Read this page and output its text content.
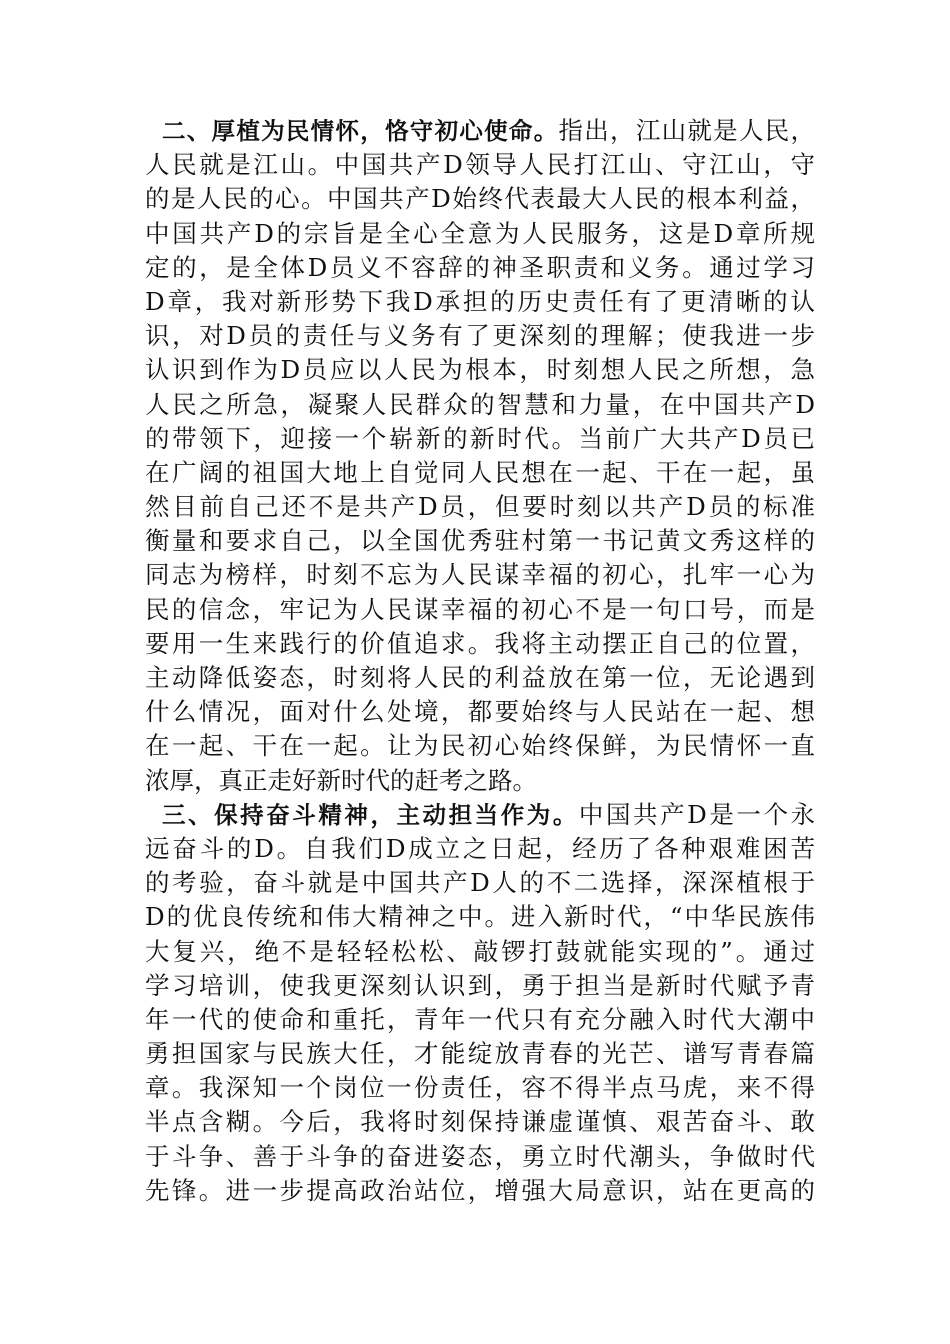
二、厚植为民情怀，恪守初心使命。指出，江山就是人民，
人民就是江山。中国共产D领导人民打江山、守江山，守
的是人民的心。中国共产D始终代表最大人民的根本利益，
中国共产D的宗旨是全心全意为人民服务，这是D章所规
定的，是全体D员义不容辞的神圣职责和义务。通过学习
D章，我对新形势下我D承担的历史责任有了更清晰的认
识，对D员的责任与义务有了更深刻的理解；使我进一步
认识到作为D员应以人民为根本，时刻想人民之所想，急
人民之所急，凝聚人民群众的智慧和力量，在中国共产D
的带领下，迎接一个崭新的新时代。当前广大共产D员已
在广阔的祖国大地上自觉同人民想在一起、干在一起，虽
然目前自己还不是共产D员，但要时刻以共产D员的标准
衡量和要求自己，以全国优秀驻村第一书记黄文秀这样的
同志为榜样，时刻不忘为人民谋幸福的初心，扎牢一心为
民的信念，牢记为人民谋幸福的初心不是一句口号，而是
要用一生来践行的价值追求。我将主动摆正自己的位置，
主动降低姿态，时刻将人民的利益放在第一位，无论遇到
什么情况，面对什么处境，都要始终与人民站在一起、想
在一起、干在一起。让为民初心始终保鲜，为民情怀一直
浓厚，真正走好新时代的赶考之路。
三、保持奋斗精神，主动担当作为。中国共产D是一个永
远奋斗的D。自我们D成立之日起，经历了各种艰难困苦
的考验，奋斗就是中国共产D人的不二选择，深深植根于
D的优良传统和伟大精神之中。进入新时代，“中华民族伟
大复兴，绝不是轻轻松松、敲锣打鼓就能实现的”。通过
学习培训，使我更深刻认识到，勇于担当是新时代赋予青
年一代的使命和重托，青年一代只有充分融入时代大潮中
勇担国家与民族大任，才能绽放青春的光芒、谱写青春篇
章。我深知一个岗位一份责任，容不得半点马虎，来不得
半点含糊。今后，我将时刻保持谦虚谨慎、艰苦奋斗、敢
于斗争、善于斗争的奋进姿态，勇立时代潮头，争做时代
先锋。进一步提高政治站位，增强大局意识，站在更高的
